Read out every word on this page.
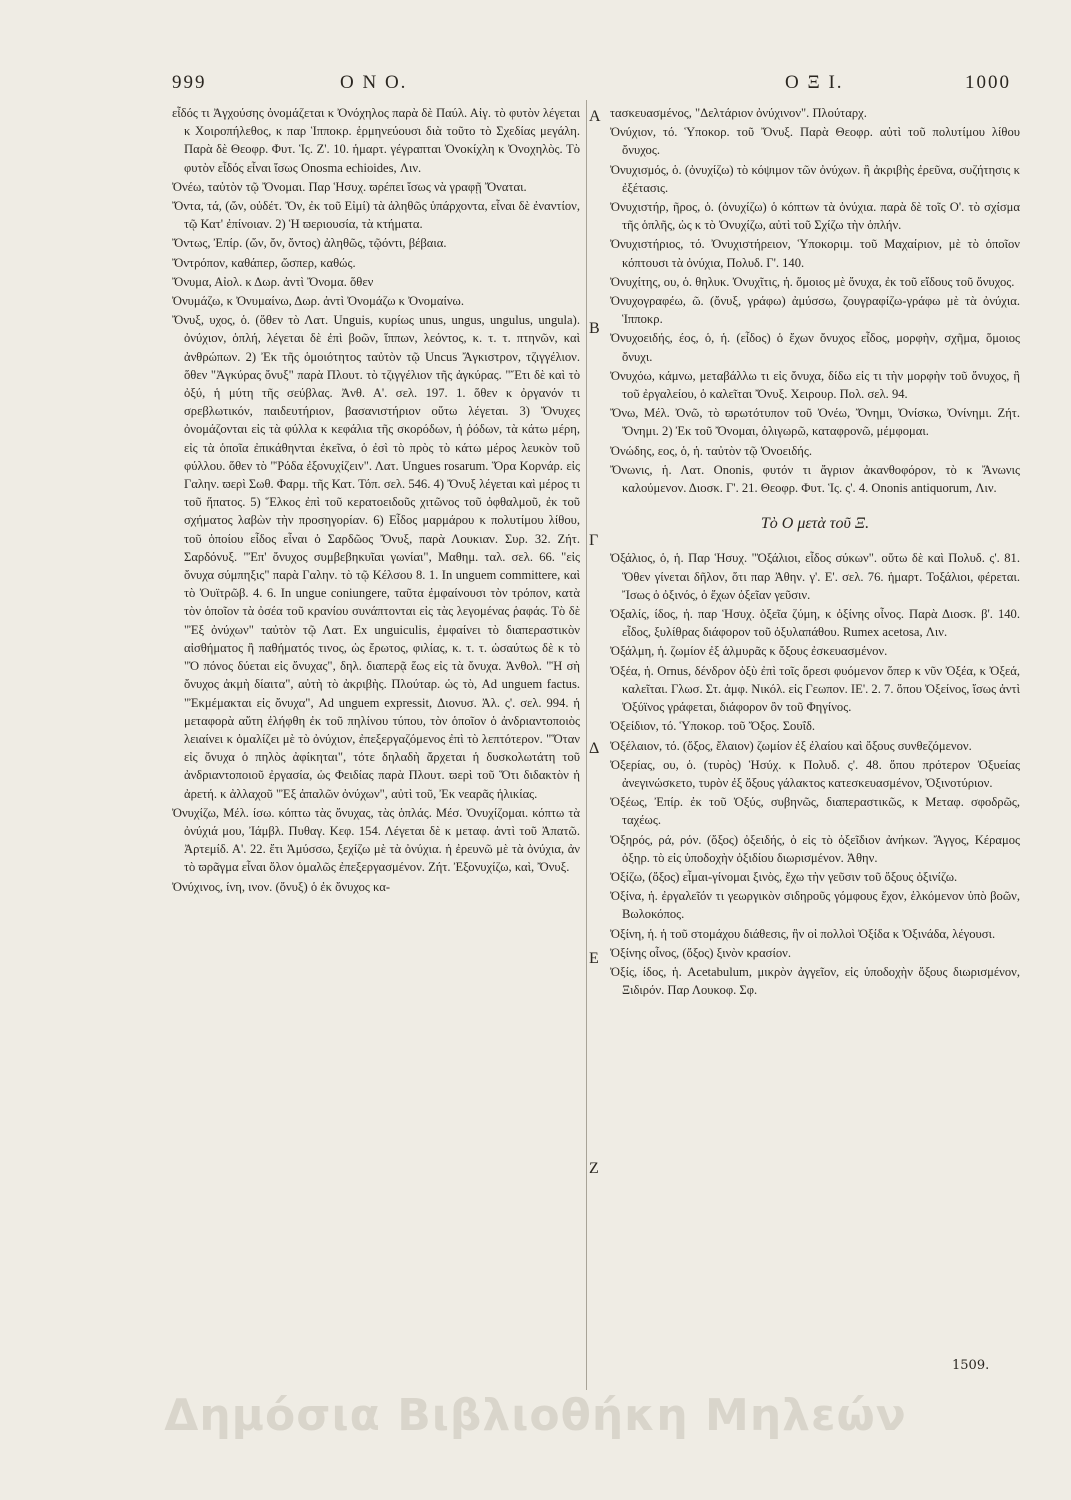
999	Ο Ν Ο.	Ο Ξ Ι.	1000
A
B
Γ
Δ
E
Z

εἶδός τι Ἀγχούσης ὀνομάζεται κ Ὀνόχηλος παρὰ δὲ Παύλ. Αἰγ. τὸ φυτὸν λέγεται κ Χοιροπήλεθος, κ παρ Ἱπποκρ. ἑρμηνεύουσι διὰ τοῦτο τὸ Σχεδίας μεγάλη. Παρὰ δὲ Θεοφρ. Φυτ. Ἱς. Ζ'. 10. ἡμαρτ. γέγραπται Ὀνοκίχλη κ Ὀνοχηλὸς. Τὸ φυτὸν εἶδός εἶναι ἴσως Onosma echioides, Λιν.

Ὀνέω, ταὐτὸν τῷ Ὄνομαι. Παρ Ἡσυχ. ϖρέπει ἴσως νὰ γραφῇ Ὄναται.

Ὄντα, τά, (ὤν, οὐδέτ. Ὄν, ἐκ τοῦ Εἰμί) τὰ ἀληθῶς ὑπάρχοντα, εἶναι δὲ ἐναντίον, τῷ Κατ' ἐπίνοιαν. 2) Ἡ ϖεριουσία, τὰ κτήματα.

Ὄντως, Ἐπίρ. (ὤν, ὄν, ὄντος) ἀληθῶς, τῷόντι, βέβαια.

Ὄντρόπον, καθάπερ, ὥσπερ, καθώς.

Ὄνυμα, Αἰολ. κ Δωρ. ἀντὶ Ὄνομα. ὅθεν

Ὀνυμάζω, κ Ὀνυμαίνω, Δωρ. ἀντὶ Ὀνομάζω κ Ὀνομαίνω.

Ὄνυξ, υχος, ὁ. (ὅθεν τὸ Λατ. Unguis, κυρίως unus, ungus, ungulus, ungula). ὀνύχιον, ὁπλή, λέγεται δὲ ἐπὶ βοῶν, ἵππων, λεόντος, κ. τ. τ. πτηνῶν, καὶ ἀνθρώπων. 2) Ἐκ τῆς ὁμοιότητος ταὐτὸν τῷ Uncus Ἄγκιστρον, τζιγγέλιον. ὅθεν "Ἀγκύρας ὄνυξ" παρὰ Πλουτ. τὸ τζιγγέλιον τῆς ἀγκύρας. "Ἔτι δὲ καὶ τὸ ὀξύ, ἡ μύτη τῆς σεύβλας. Ἀνθ. Α'. σελ. 197. 1. ὅθεν κ ὀργανόν τι σρεβλωτικόν, παιδευτήριον, βασανιστήριον οὕτω λέγεται. 3) Ὄνυχες ὀνομάζονται εἰς τὰ φύλλα κ κεφάλια τῆς σκορόδων, ἡ ῥόδων, τὰ κάτω μέρη, εἰς τὰ ὁποῖα ἐπικάθηνται ἐκεῖνα, ὁ ἐσὶ τὸ πρὸς τὸ κάτω μέρος λευκὸν τοῦ φύλλου. ὅθεν τὸ "Ῥόδα ἐξονυχίζειν". Λατ. Ungues rosarum. Ὅρα Κορνάρ. εἰς Γαλην. ϖερὶ Σωθ. Φαρμ. τῆς Κατ. Τόπ. σελ. 546. 4) Ὄνυξ λέγεται καὶ μέρος τι τοῦ ἥπατος. 5) Ἕλκος ἐπὶ τοῦ κερατοειδοῦς χιτῶνος τοῦ ὀφθαλμοῦ, ἐκ τοῦ σχήματος λαβὼν τὴν προσηγορίαν. 6) Εἶδος μαρμάρου κ πολυτίμου λίθου, τοῦ ὁποίου εἶδος εἶναι ὁ Σαρδῶος Ὄνυξ, παρὰ Λουκιαν. Συρ. 32. Ζήτ. Σαρδόνυξ. "Ἐπ' ὄνυχος συμβεβηκυῖαι γωνίαι", Μαθημ. ταλ. σελ. 66. "εἰς ὄνυχα σύμπηξις" παρὰ Γαλην. τὸ τῷ Κέλσου 8. 1. In unguem committere, καὶ τὸ Ὀυϊτρῶβ. 4. 6. In ungue coniungere, ταῦτα ἐμφαίνουσι τὸν τρόπον, κατὰ τὸν ὁποῖον τὰ ὀσέα τοῦ κρανίου συνάπτονται εἰς τὰς λεγομένας ῥαφάς. Τὸ δὲ "Ἐξ ὀνύχων" ταὐτὸν τῷ Λατ. Ex unguiculis, ἐμφαίνει τὸ διαπεραστικὸν αἰσθήματος ἢ παθήματός τινος, ὡς ἔρωτος, φιλίας, κ. τ. τ. ὡσαύτως δὲ κ τὸ "Ὁ πόνος δύεται εἰς ὄνυχας", δηλ. διαπερᾷ ἕως εἰς τὰ ὄνυχα. Ἀνθολ. "Ἡ σὴ ὄνυχος ἀκμὴ δίαιτα", αὐτὴ τὸ ἀκριβὴς. Πλούταρ. ὡς τὸ, Ad unguem factus. "Ἐκμέμακται εἰς ὄνυχα", Ad unguem expressit, Διονυσ. Ἀλ. ς'. σελ. 994. ἡ μεταφορὰ αὕτη ἐλήφθη ἐκ τοῦ πηλίνου τύπου, τὸν ὁποῖον ὁ ἀνδριαντοποιὸς λειαίνει κ ὁμαλίζει μὲ τὸ ὀνύχιον, ἐπεξεργαζόμενος ἐπὶ τὸ λεπτότερον. "Ὅταν εἰς ὄνυχα ὁ πηλὸς ἀφίκηται", τότε δηλαδὴ ἄρχεται ἡ δυσκολωτάτη τοῦ ἀνδριαντοποιοῦ ἐργασία, ὡς Φειδίας παρὰ Πλουτ. ϖερὶ τοῦ Ὅτι διδακτὸν ἡ ἀρετή. κ ἀλλαχοῦ "Ἐξ ἀπαλῶν ὀνύχων", αὐτὶ τοῦ, Ἐκ νεαρᾶς ἡλικίας.

Ὀνυχίζω, Μέλ. ίσω. κόπτω τὰς ὄνυχας, τὰς ὁπλάς. Μέσ. Ὀνυχίζομαι. κόπτω τὰ ὀνύχιά μου, Ἰάμβλ. Πυθαγ. Κεφ. 154. Λέγεται δὲ κ μεταφ. ἀντὶ τοῦ Ἀπατῶ. Ἀρτεμίδ. Α'. 22. ἔτι Ἀμύσσω, ξεχίζω μὲ τὰ ὀνύχια. ἡ ἐρευνῶ μὲ τὰ ὀνύχια, ἀν τὸ ϖρᾶγμα εἶναι ὅλον ὁμαλῶς ἐπεξεργασμένον. Ζήτ. Ἐξονυχίζω, καὶ, Ὄνυξ.

Ὀνύχινος, ίνη, ινον. (ὄνυξ) ὁ ἐκ ὄνυχος κα-

τασκευασμένος, "Δελτάριον ὀνύχινον". Πλούταρχ.

Ὀνύχιον, τό. Ὑποκορ. τοῦ Ὄνυξ. Παρὰ Θεοφρ. αὐτὶ τοῦ πολυτίμου λίθου ὄνυχος.

Ὀνυχισμός, ὁ. (ὀνυχίζω) τὸ κόψιμον τῶν ὀνύχων. ἢ ἀκριβὴς ἐρεῦνα, συζήτησις κ ἐξέτασις.

Ὀνυχιστήρ, ῆρος, ὁ. (ὀνυχίζω) ὁ κόπτων τὰ ὀνύχια. παρὰ δὲ τοῖς Ο'. τὸ σχίσμα τῆς ὁπλῆς, ὡς κ τὸ Ὀνυχίζω, αὐτὶ τοῦ Σχίζω τὴν ὁπλήν.

Ὀνυχιστήριος, τό. Ὀνυχιστήρειον, Ὑποκοριμ. τοῦ Μαχαίριον, μὲ τὸ ὁποῖον κόπτουσι τὰ ὀνύχια, Πολυδ. Γ'. 140.

Ὀνυχίτης, ου, ὁ. θηλυκ. Ὀνυχῖτις, ἡ. ὅμοιος μὲ ὄνυχα, ἐκ τοῦ εἴδους τοῦ ὄνυχος.

Ὀνυχογραφέω, ῶ. (ὄνυξ, γράφω) ἀμύσσω, ζουγραφίζω-γράφω μὲ τὰ ὀνύχια. Ἱπποκρ.

Ὀνυχοειδής, έος, ὁ, ἡ. (εἶδος) ὁ ἔχων ὄνυχος εἶδος, μορφὴν, σχῆμα, ὅμοιος ὄνυχι.

Ὀνυχόω, κάμνω, μεταβάλλω τι εἰς ὄνυχα, δίδω εἰς τι τὴν μορφὴν τοῦ ὄνυχος, ἢ τοῦ ἐργαλείου, ὁ καλεῖται Ὄνυξ. Χειρουρ. Πολ. σελ. 94.

Ὄνω, Μέλ. Ὀνῶ, τὸ ϖρωτότυπον τοῦ Ὀνέω, Ὄνημι, Ὀνίσκω, Ὀνίνημι. Ζήτ. Ὄνημι. 2) Ἐκ τοῦ Ὄνομαι, ὀλιγωρῶ, καταφρονῶ, μέμφομαι.

Ὀνώδης, εος, ὁ, ἡ. ταὐτὸν τῷ Ὀνοειδής.

Ὄνωνις, ἡ. Λατ. Ononis, φυτόν τι ἄγριον ἀκανθοφόρον, τὸ κ Ἄνωνις καλούμενον. Διοσκ. Γ'. 21. Θεοφρ. Φυτ. Ἱς. ς'. 4. Ononis antiquorum, Λιν.

Τὸ Ο μετὰ τοῦ Ξ.

Ὀξάλιος, ὁ, ἡ. Παρ Ἡσυχ. "Ὀξάλιοι, εἶδος σύκων". οὕτω δὲ καὶ Πολυδ. ς'. 81. Ὅθεν γίνεται δῆλον, ὅτι παρ Ἀθην. γ'. Ε'. σελ. 76. ἡμαρτ. Τοξάλιοι, φέρεται. Ἴσως ὁ ὀξινός, ὁ ἔχων ὀξεῖαν γεῦσιν.

Ὀξαλίς, ίδος, ἡ. παρ Ἡσυχ. ὀξεῖα ζύμη, κ ὀξίνης οἶνος. Παρὰ Διοσκ. β'. 140. εἶδος, ξυλίθρας διάφορον τοῦ ὀξυλαπάθου. Rumex acetosa, Λιν.

Ὀξάλμη, ἡ. ζωμίον ἐξ ἁλμυρᾶς κ ὄξους ἐσκευασμένον.

Ὀξέα, ἡ. Ornus, δένδρον ὀξὺ ἐπὶ τοῖς ὄρεσι φυόμενον ὅπερ κ νῦν Ὀξέα, κ Ὀξεά, καλεῖται. Γλωσ. Στ. ἀμφ. Νικόλ. εἰς Γεωπον. ΙΕ'. 2. 7. ὅπου Ὀξείνος, ἴσως ἀντὶ Ὀξύϊνος γράφεται, διάφορον ὂν τοῦ Φηγίνος.

Ὀξείδιον, τό. Ὑποκορ. τοῦ Ὄξος. Σουΐδ.

Ὀξέλαιον, τό. (ὄξος, ἔλαιον) ζωμίον ἐξ ἐλαίου καὶ ὄξους συνθεζόμενον.

Ὀξερίας, ου, ὁ. (τυρὸς) Ἡσύχ. κ Πολυδ. ς'. 48. ὅπου πρότερον Ὀξυείας ἀνεγινώσκετο, τυρὸν ἐξ ὄξους γάλακτος κατεσκευασμένον, Ὀξινοτύριον.

Ὀξέως, Ἐπίρ. ἐκ τοῦ Ὀξύς, συβηνῶς, διαπεραστικῶς, κ Μεταφ. σφοδρῶς, ταχέως.

Ὀξηρός, ρά, ρόν. (ὄξος) ὀξειδής, ὁ εἰς τὸ ὀξεῖδιον ἀνήκων. Ἄγγος, Κέραμος ὀξηρ. τὸ εἰς ὑποδοχὴν ὀξιδίου διωρισμένον. Ἀθην.

Ὀξίζω, (ὄξος) εἶμαι-γίνομαι ξινὸς, ἔχω τὴν γεῦσιν τοῦ ὄξους ὀξινίζω.

Ὀξίνα, ἡ. ἐργαλεῖόν τι γεωργικὸν σιδηροῦς γόμφους ἔχον, ἑλκόμενον ὑπὸ βοῶν, Βωλοκόπος.

Ὀξίνη, ἡ. ἡ τοῦ στομάχου διάθεσις, ἣν οἱ πολλοὶ Ὀξίδα κ Ὀξινάδα, λέγουσι.

Ὀξίνης οἶνος, (ὄξος) ξινὸν κρασίον.

Ὀξίς, ίδος, ἡ. Acetabulum, μικρὸν ἀγγεῖον, εἰς ὑποδοχὴν ὄξους διωρισμένον, Ξιδιρόν. Παρ Λουκοφ. Σφ.

1509.
Δημόσια Βιβλιοθήκη Μηλεών
